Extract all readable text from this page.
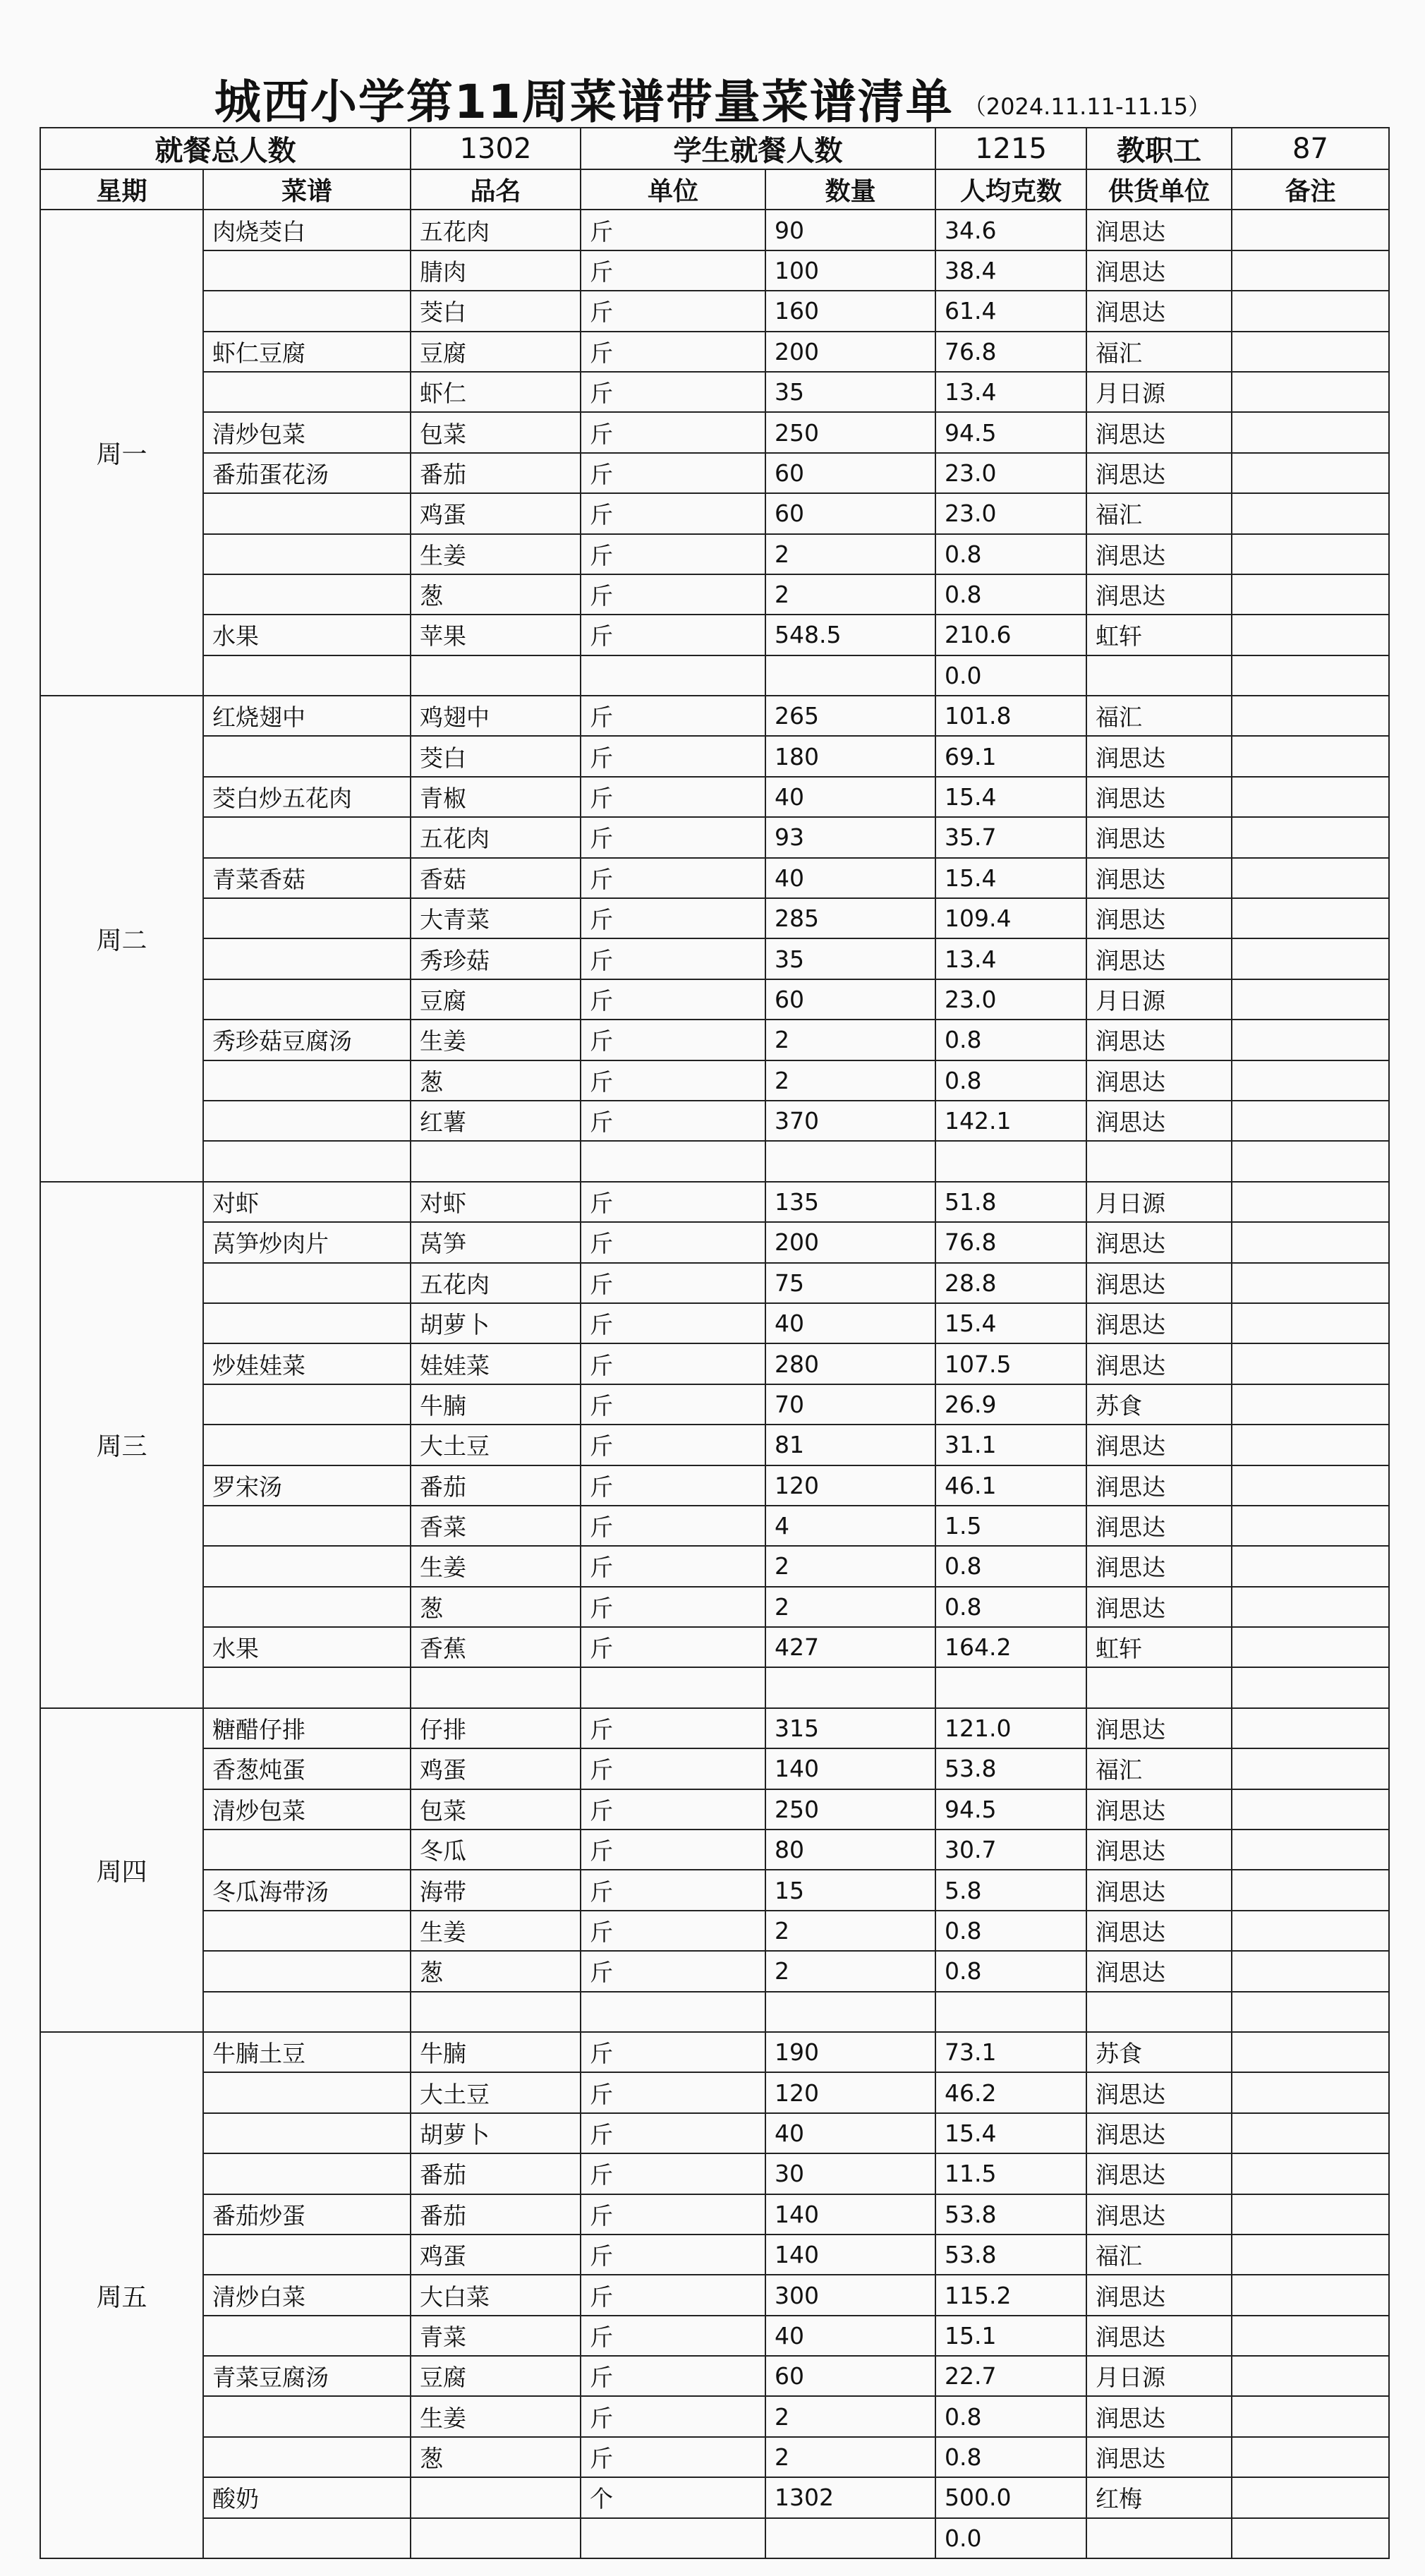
城西小学第11周菜谱带量菜谱清单 （2024.11.11-11.15）
就餐总人数		1302	学生就餐人数		1215	教职工	87
星期	菜谱	品名	单位	数量	人均克数	供货单位	备注
周一	肉烧茭白	五花肉	斤	90	34.6	润思达	
		腈肉	斤	100	38.4	润思达	
		茭白	斤	160	61.4	润思达	
	虾仁豆腐	豆腐	斤	200	76.8	福汇	
		虾仁	斤	35	13.4	月日源	
	清炒包菜	包菜	斤	250	94.5	润思达	
	番茄蛋花汤	番茄	斤	60	23.0	润思达	
		鸡蛋	斤	60	23.0	福汇	
		生姜	斤	2	0.8	润思达	
		葱	斤	2	0.8	润思达	
	水果	苹果	斤	548.5	210.6	虹轩	
					0.0		
周二	红烧翅中	鸡翅中	斤	265	101.8	福汇	
		茭白	斤	180	69.1	润思达	
	茭白炒五花肉	青椒	斤	40	15.4	润思达	
		五花肉	斤	93	35.7	润思达	
	青菜香菇	香菇	斤	40	15.4	润思达	
		大青菜	斤	285	109.4	润思达	
		秀珍菇	斤	35	13.4	润思达	
		豆腐	斤	60	23.0	月日源	
	秀珍菇豆腐汤	生姜	斤	2	0.8	润思达	
		葱	斤	2	0.8	润思达	
		红薯	斤	370	142.1	润思达	

周三	对虾	对虾	斤	135	51.8	月日源	
	莴笋炒肉片	莴笋	斤	200	76.8	润思达	
		五花肉	斤	75	28.8	润思达	
		胡萝卜	斤	40	15.4	润思达	
	炒娃娃菜	娃娃菜	斤	280	107.5	润思达	
		牛腩	斤	70	26.9	苏食	
		大土豆	斤	81	31.1	润思达	
	罗宋汤	番茄	斤	120	46.1	润思达	
		香菜	斤	4	1.5	润思达	
		生姜	斤	2	0.8	润思达	
		葱	斤	2	0.8	润思达	
	水果	香蕉	斤	427	164.2	虹轩	

周四	糖醋仔排	仔排	斤	315	121.0	润思达	
	香葱炖蛋	鸡蛋	斤	140	53.8	福汇	
	清炒包菜	包菜	斤	250	94.5	润思达	
		冬瓜	斤	80	30.7	润思达	
	冬瓜海带汤	海带	斤	15	5.8	润思达	
		生姜	斤	2	0.8	润思达	
		葱	斤	2	0.8	润思达	

周五	牛腩土豆	牛腩	斤	190	73.1	苏食	
		大土豆	斤	120	46.2	润思达	
		胡萝卜	斤	40	15.4	润思达	
		番茄	斤	30	11.5	润思达	
	番茄炒蛋	番茄	斤	140	53.8	润思达	
		鸡蛋	斤	140	53.8	福汇	
	清炒白菜	大白菜	斤	300	115.2	润思达	
		青菜	斤	40	15.1	润思达	
	青菜豆腐汤	豆腐	斤	60	22.7	月日源	
		生姜	斤	2	0.8	润思达	
		葱	斤	2	0.8	润思达	
	酸奶		个	1302	500.0	红梅	
					0.0		
